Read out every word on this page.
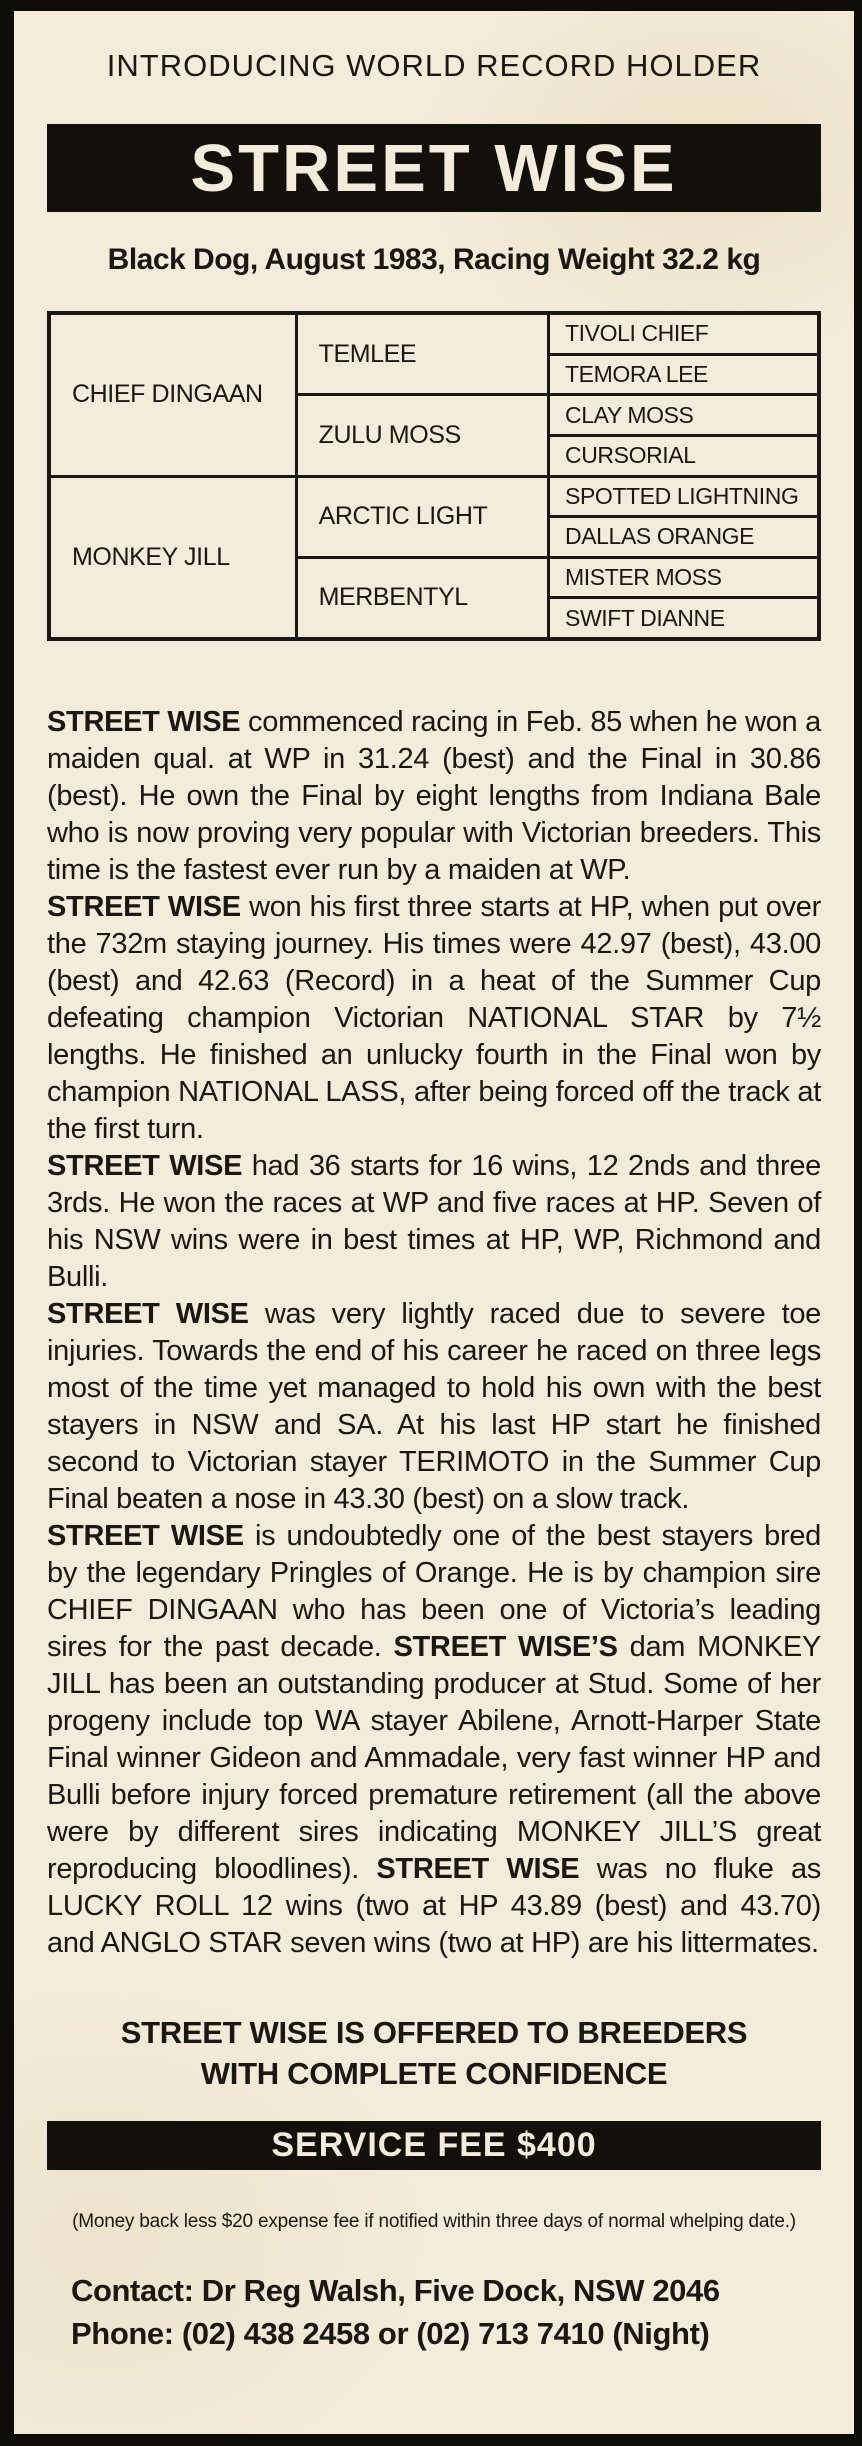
INTRODUCING WORLD RECORD HOLDER
STREET WISE
Black Dog, August 1983, Racing Weight 32.2 kg
CHIEF DINGAAN
TEMLEE
TIVOLI CHIEF
TEMORA LEE
ZULU MOSS
CLAY MOSS
CURSORIAL
MONKEY JILL
ARCTIC LIGHT
SPOTTED LIGHTNING
DALLAS ORANGE
MERBENTYL
MISTER MOSS
SWIFT DIANNE

STREET WISE commenced racing in Feb. 85 when he won a maiden qual. at WP in 31.24 (best) and the Final in 30.86 (best). He own the Final by eight lengths from Indiana Bale who is now proving very popular with Victorian breeders. This time is the fastest ever run by a maiden at WP.

STREET WISE won his first three starts at HP, when put over the 732m staying journey. His times were 42.97 (best), 43.00 (best) and 42.63 (Record) in a heat of the Summer Cup defeating champion Victorian NATIONAL STAR by 7½ lengths. He finished an unlucky fourth in the Final won by champion NATIONAL LASS, after being forced off the track at the first turn.

STREET WISE had 36 starts for 16 wins, 12 2nds and three 3rds. He won the races at WP and five races at HP. Seven of his NSW wins were in best times at HP, WP, Richmond and Bulli.

STREET WISE was very lightly raced due to severe toe injuries. Towards the end of his career he raced on three legs most of the time yet managed to hold his own with the best stayers in NSW and SA. At his last HP start he finished second to Victorian stayer TERIMOTO in the Summer Cup Final beaten a nose in 43.30 (best) on a slow track.

STREET WISE is undoubtedly one of the best stayers bred by the legendary Pringles of Orange. He is by champion sire CHIEF DINGAAN who has been one of Victoria’s leading sires for the past decade. STREET WISE’S dam MONKEY JILL has been an outstanding producer at Stud. Some of her progeny include top WA stayer Abilene, Arnott-Harper State Final winner Gideon and Ammadale, very fast winner HP and Bulli before injury forced premature retirement (all the above were by different sires indicating MONKEY JILL’S great reproducing bloodlines). STREET WISE was no fluke as LUCKY ROLL 12 wins (two at HP 43.89 (best) and 43.70) and ANGLO STAR seven wins (two at HP) are his littermates.

STREET WISE IS OFFERED TO BREEDERS WITH COMPLETE CONFIDENCE
SERVICE FEE $400
(Money back less $20 expense fee if notified within three days of normal whelping date.)
Contact: Dr Reg Walsh, Five Dock, NSW 2046
Phone: (02) 438 2458 or (02) 713 7410 (Night)
